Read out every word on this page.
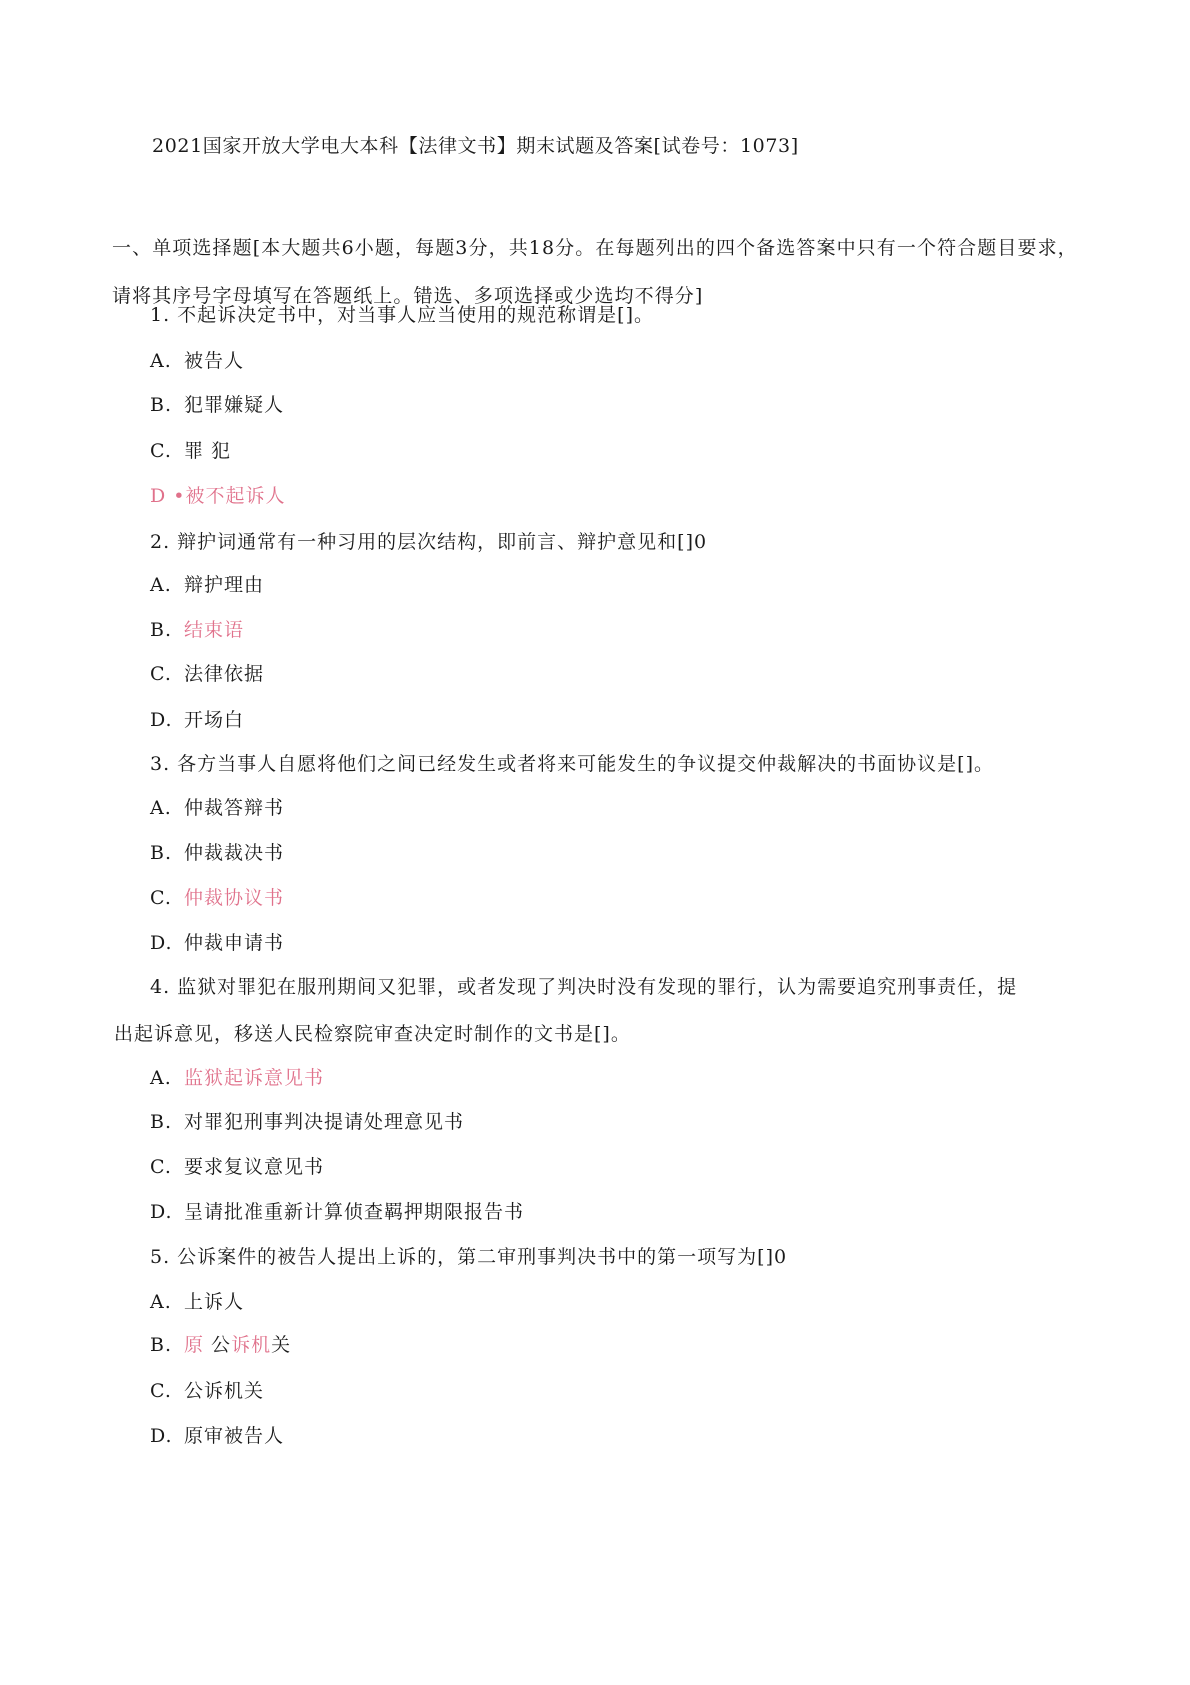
2021国家开放大学电大本科【法律文书】期末试题及答案[试卷号：1073]
一、单项选择题[本大题共6小题，每题3分，共18分。在每题列出的四个备选答案中只有一个符合题目要求，请将其序号字母填写在答题纸上。错选、多项选择或少选均不得分]
1. 不起诉决定书中，对当事人应当使用的规范称谓是[]。
A. 被告人
B. 犯罪嫌疑人
C. 罪 犯
D •被不起诉人
2. 辩护词通常有一种习用的层次结构，即前言、辩护意见和[]0
A. 辩护理由
B. 结束语
C. 法律依据
D. 开场白
3. 各方当事人自愿将他们之间已经发生或者将来可能发生的争议提交仲裁解决的书面协议是[]。
A. 仲裁答辩书
B. 仲裁裁决书
C. 仲裁协议书
D. 仲裁申请书
4. 监狱对罪犯在服刑期间又犯罪，或者发现了判决时没有发现的罪行，认为需要追究刑事责任，提
出起诉意见，移送人民检察院审查决定时制作的文书是[]。
A. 监狱起诉意见书
B. 对罪犯刑事判决提请处理意见书
C. 要求复议意见书
D. 呈请批准重新计算侦查羁押期限报告书
5. 公诉案件的被告人提出上诉的，第二审刑事判决书中的第一项写为[]0
A. 上诉人
B. 原 公诉机关
C. 公诉机关
D. 原审被告人
